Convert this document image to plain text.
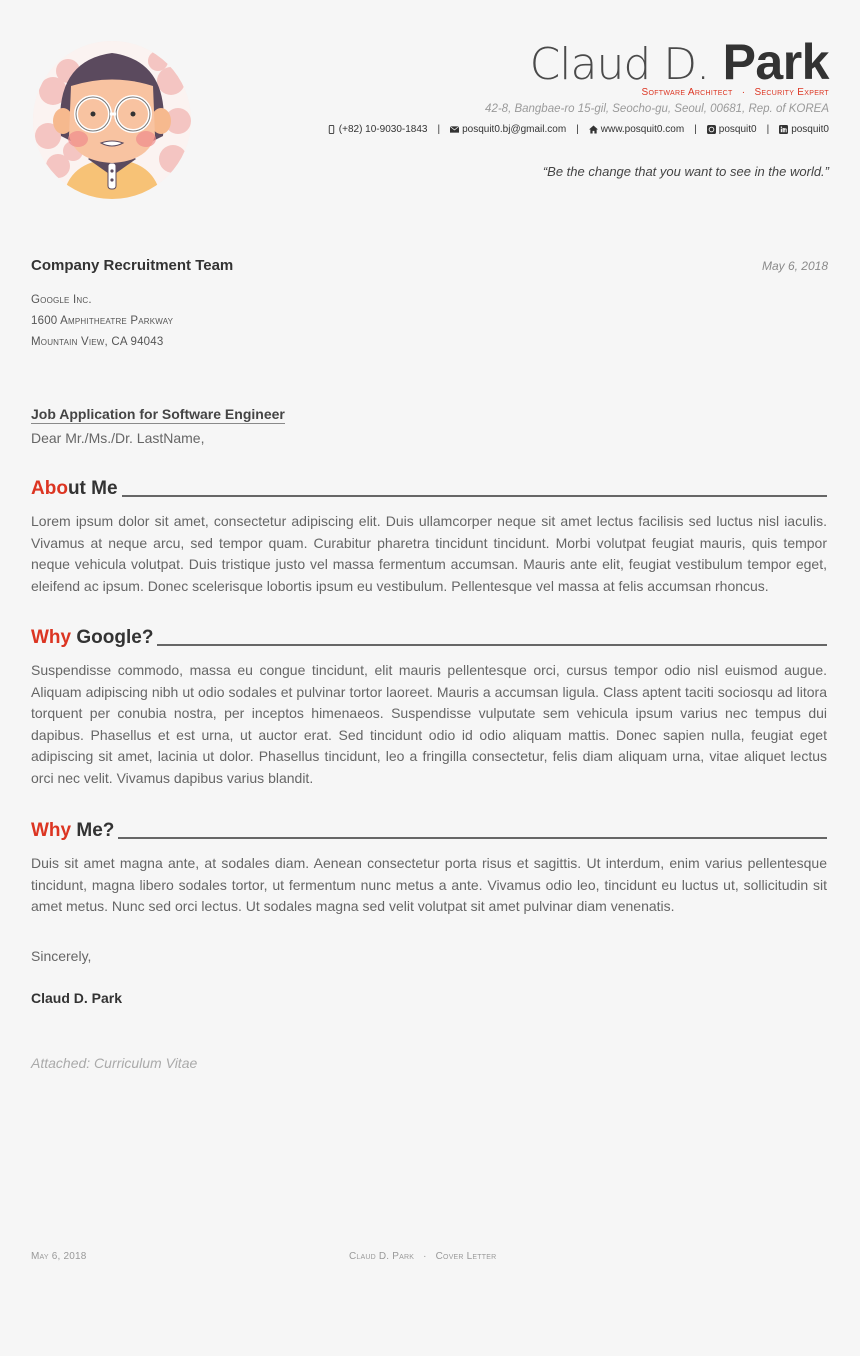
Claud D. Park
Software Architect · Security Expert
42-8, Bangbae-ro 15-gil, Seocho-gu, Seoul, 00681, Rep. of KOREA
(+82) 10-9030-1843 | posquit0.bj@gmail.com | www.posquit0.com | posquit0 | posquit0
“Be the change that you want to see in the world.”
Company Recruitment Team	May 6, 2018
Google Inc.
1600 Amphitheatre Parkway
Mountain View, CA 94043
Job Application for Software Engineer
Dear Mr./Ms./Dr. LastName,
Abo ut Me
Lorem ipsum dolor sit amet, consectetur adipiscing elit. Duis ullamcorper neque sit amet lectus facilisis sed luctus nisl iaculis. Vivamus at neque arcu, sed tempor quam. Curabitur pharetra tincidunt tincidunt. Morbi volutpat feugiat mauris, quis tempor neque vehicula volutpat. Duis tristique justo vel massa fermentum accumsan. Mauris ante elit, feugiat vestibulum tempor eget, eleifend ac ipsum. Donec scelerisque lobortis ipsum eu vestibulum. Pellentesque vel massa at felis accumsan rhoncus.
Why Google?
Suspendisse commodo, massa eu congue tincidunt, elit mauris pellentesque orci, cursus tempor odio nisl euismod augue. Aliquam adipiscing nibh ut odio sodales et pulvinar tortor laoreet. Mauris a accumsan ligula. Class aptent taciti sociosqu ad litora torquent per conubia nostra, per inceptos himenaeos. Suspendisse vulputate sem vehicula ipsum varius nec tempus dui dapibus. Phasellus et est urna, ut auctor erat. Sed tincidunt odio id odio aliquam mattis. Donec sapien nulla, feugiat eget adipiscing sit amet, lacinia ut dolor. Phasellus tincidunt, leo a fringilla consectetur, felis diam aliquam urna, vitae aliquet lectus orci nec velit. Vivamus dapibus varius blandit.
Why Me?
Duis sit amet magna ante, at sodales diam. Aenean consectetur porta risus et sagittis. Ut interdum, enim varius pellentesque tincidunt, magna libero sodales tortor, ut fermentum nunc metus a ante. Vivamus odio leo, tincidunt eu luctus ut, sollicitudin sit amet metus. Nunc sed orci lectus. Ut sodales magna sed velit volutpat sit amet pulvinar diam venenatis.
Sincerely,
Claud D. Park
Attached: Curriculum Vitae
May 6, 2018	Claud D. Park · Cover Letter
